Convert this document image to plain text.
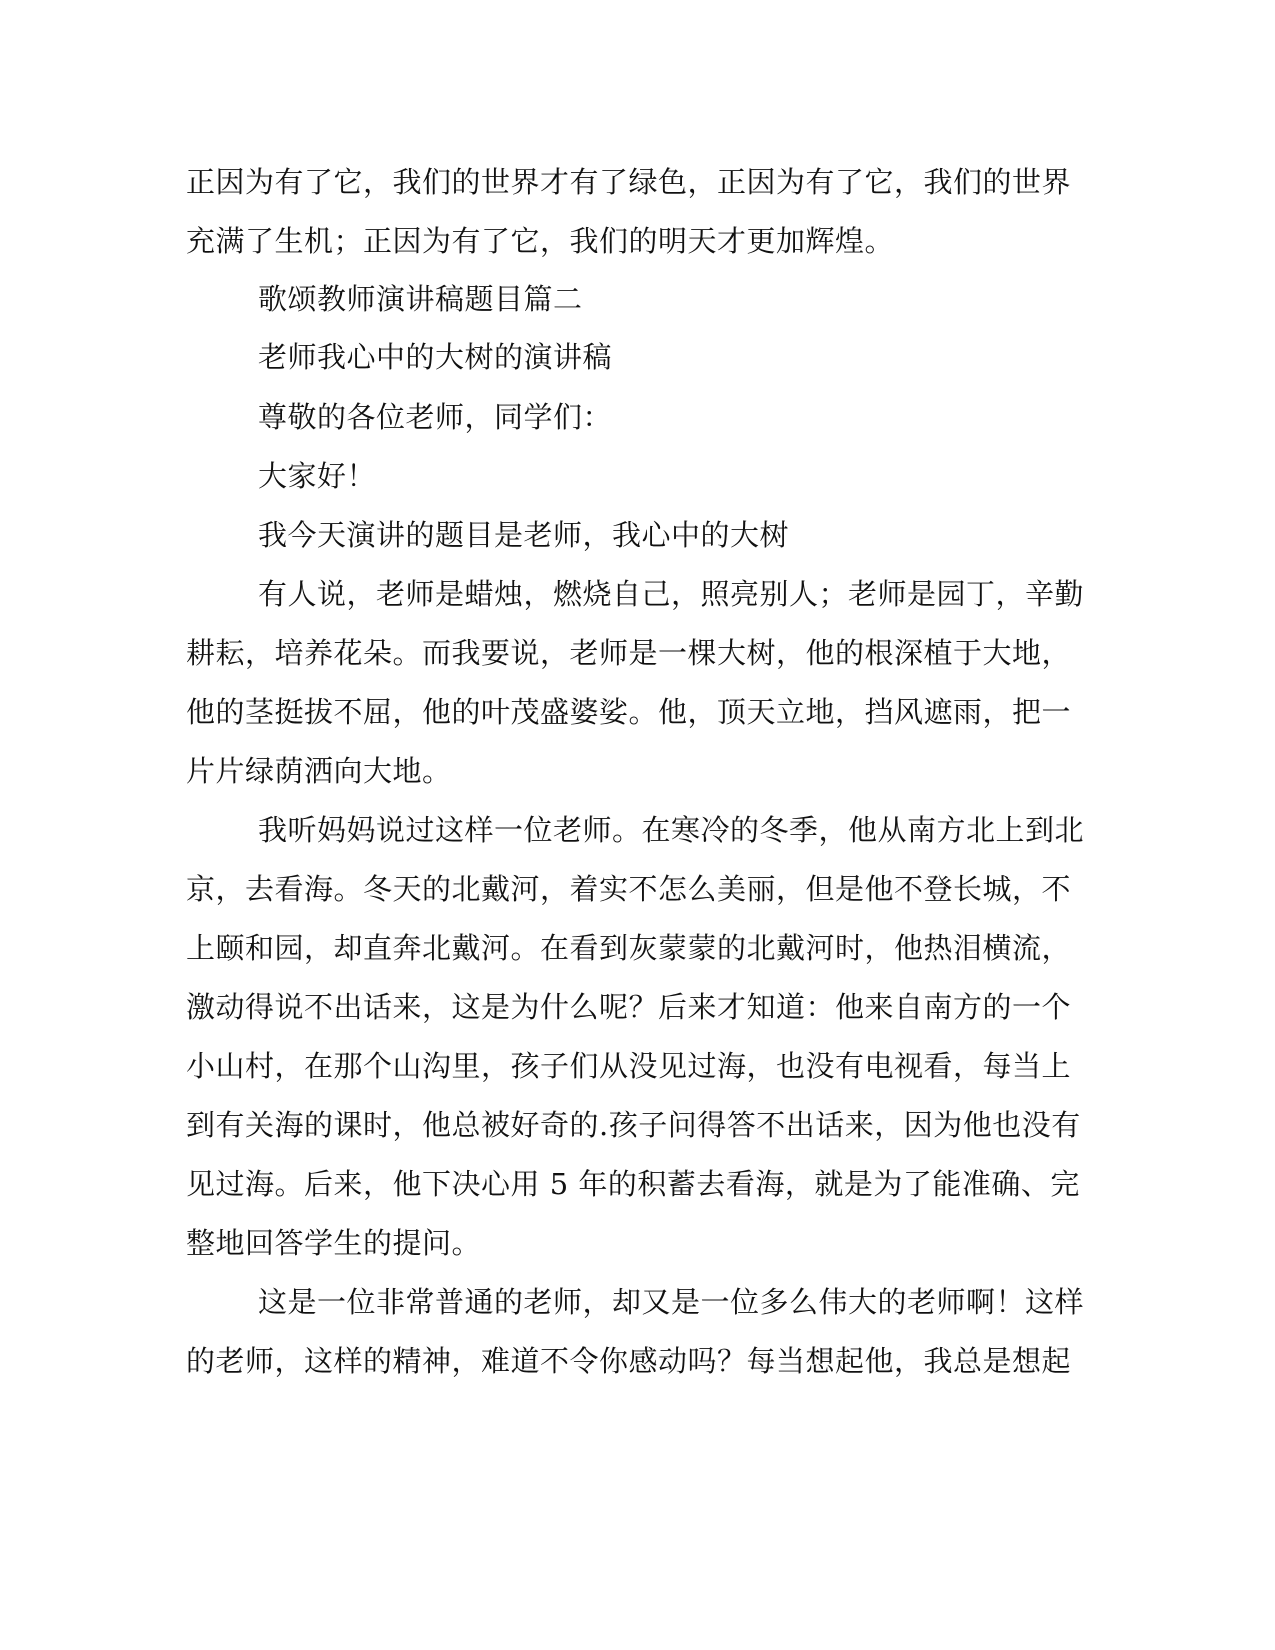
正因为有了它，我们的世界才有了绿色，正因为有了它，我们的世界
充满了生机；正因为有了它，我们的明天才更加辉煌。
歌颂教师演讲稿题目篇二
老师我心中的大树的演讲稿
尊敬的各位老师，同学们：
大家好！
我今天演讲的题目是老师，我心中的大树
有人说，老师是蜡烛，燃烧自己，照亮别人；老师是园丁，辛勤
耕耘，培养花朵。而我要说，老师是一棵大树，他的根深植于大地，
他的茎挺拔不屈，他的叶茂盛婆娑。他，顶天立地，挡风遮雨，把一
片片绿荫洒向大地。
我听妈妈说过这样一位老师。在寒冷的冬季，他从南方北上到北
京，去看海。冬天的北戴河，着实不怎么美丽，但是他不登长城，不
上颐和园，却直奔北戴河。在看到灰蒙蒙的北戴河时，他热泪横流，
激动得说不出话来，这是为什么呢？后来才知道：他来自南方的一个
小山村，在那个山沟里，孩子们从没见过海，也没有电视看，每当上
到有关海的课时，他总被好奇的.孩子问得答不出话来，因为他也没有
见过海。后来，他下决心用 5 年的积蓄去看海，就是为了能准确、完
整地回答学生的提问。
这是一位非常普通的老师，却又是一位多么伟大的老师啊！这样
的老师，这样的精神，难道不令你感动吗？每当想起他，我总是想起
